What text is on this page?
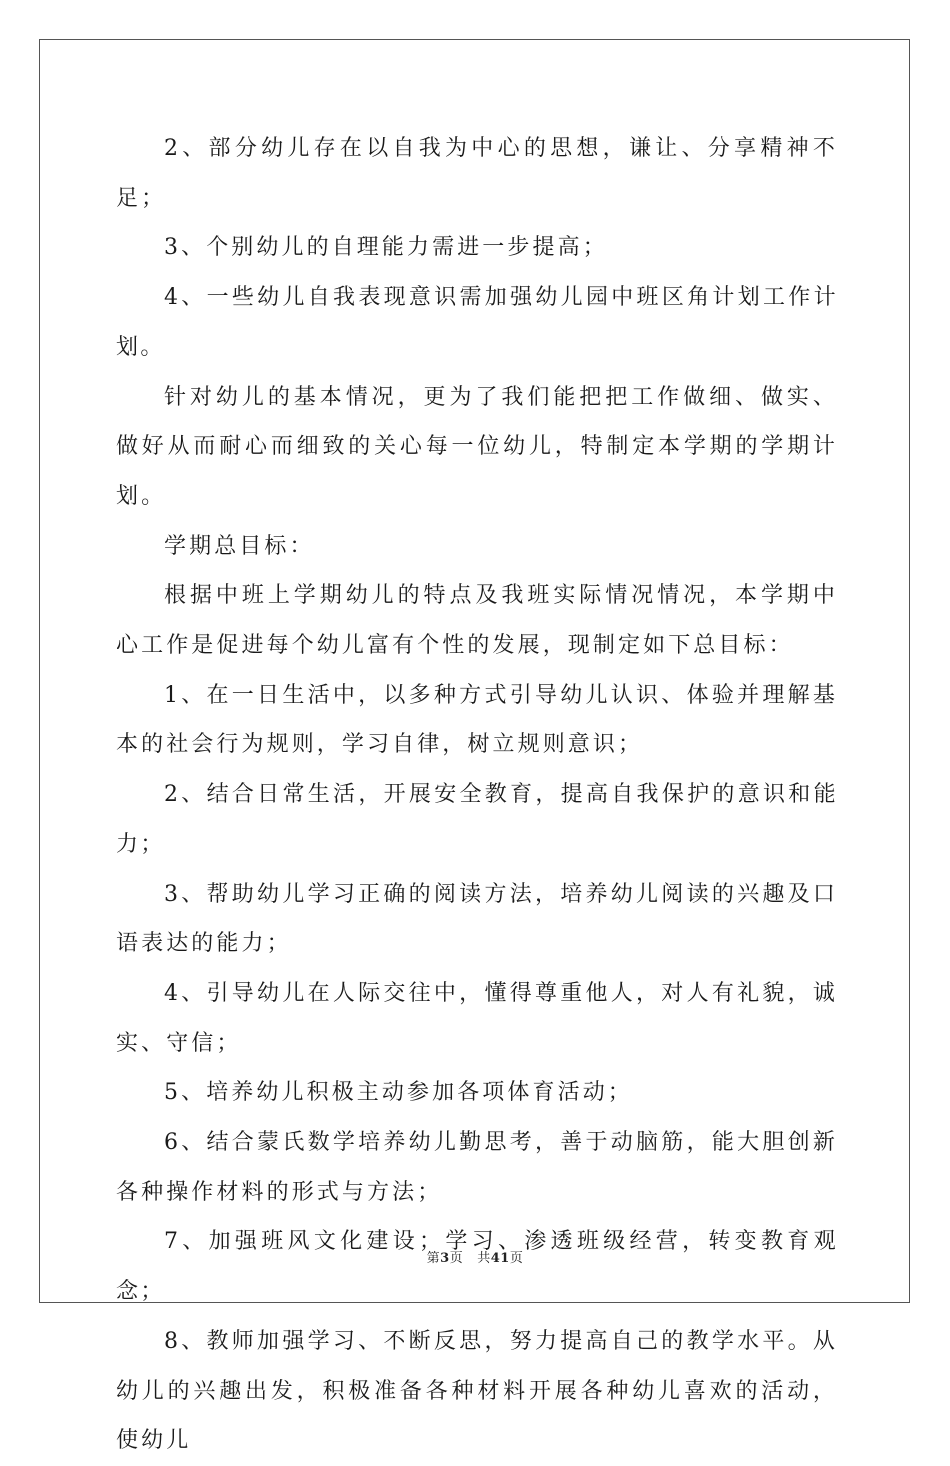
2、部分幼儿存在以自我为中心的思想，谦让、分享精神不足；

3、个别幼儿的自理能力需进一步提高；

4、一些幼儿自我表现意识需加强幼儿园中班区角计划工作计划。

针对幼儿的基本情况，更为了我们能把把工作做细、做实、做好从而耐心而细致的关心每一位幼儿，特制定本学期的学期计划。

学期总目标：

根据中班上学期幼儿的特点及我班实际情况情况，本学期中心工作是促进每个幼儿富有个性的发展，现制定如下总目标：

1、在一日生活中，以多种方式引导幼儿认识、体验并理解基本的社会行为规则，学习自律，树立规则意识；

2、结合日常生活，开展安全教育，提高自我保护的意识和能力；

3、帮助幼儿学习正确的阅读方法，培养幼儿阅读的兴趣及口语表达的能力；

4、引导幼儿在人际交往中，懂得尊重他人，对人有礼貌，诚实、守信；

5、培养幼儿积极主动参加各项体育活动；

6、结合蒙氏数学培养幼儿勤思考，善于动脑筋，能大胆创新各种操作材料的形式与方法；

7、加强班风文化建设；学习、渗透班级经营，转变教育观念；

8、教师加强学习、不断反思，努力提高自己的教学水平。从幼儿的兴趣出发，积极准备各种材料开展各种幼儿喜欢的活动，使幼儿

第3页 共41页
